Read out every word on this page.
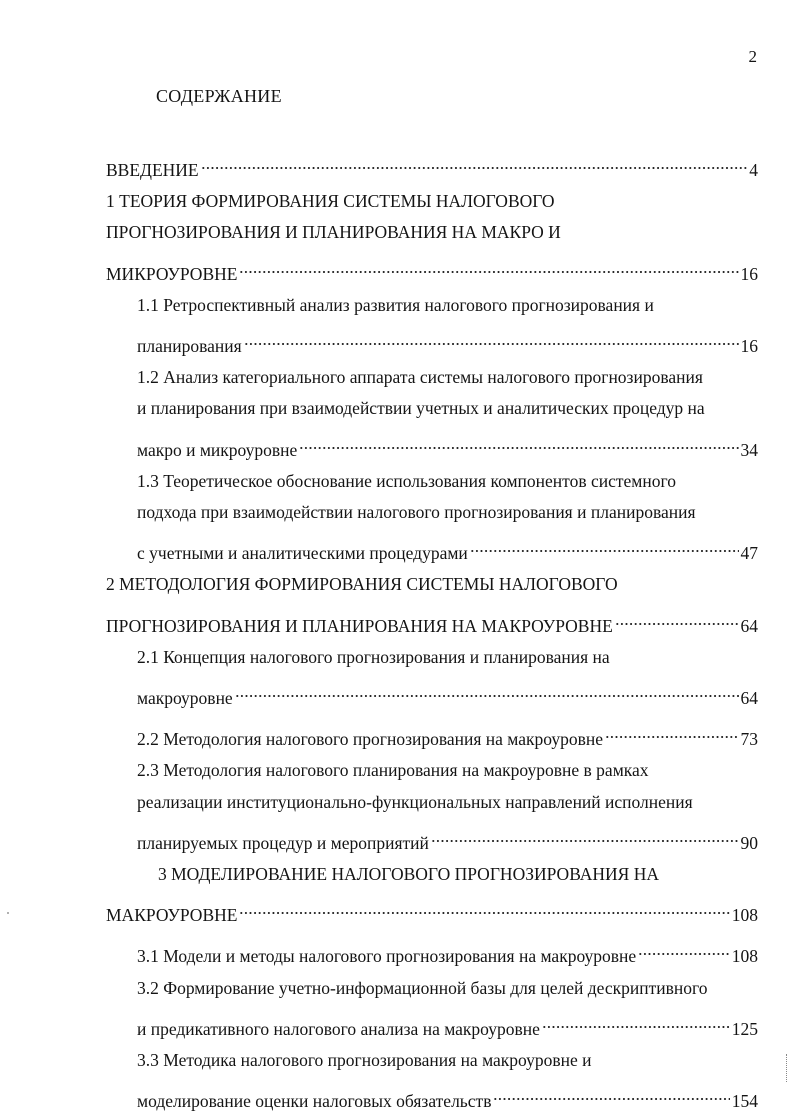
2
СОДЕРЖАНИЕ
ВВЕДЕНИЕ	4
1 ТЕОРИЯ ФОРМИРОВАНИЯ СИСТЕМЫ НАЛОГОВОГО
ПРОГНОЗИРОВАНИЯ И ПЛАНИРОВАНИЯ НА МАКРО И
МИКРОУРОВНЕ	16
1.1 Ретроспективный анализ развития налогового прогнозирования и
планирования	16
1.2 Анализ категориального аппарата системы налогового прогнозирования
и планирования при взаимодействии учетных и аналитических процедур на
макро и микроуровне	34
1.3 Теоретическое обоснование использования компонентов системного
подхода при взаимодействии налогового прогнозирования и планирования
с учетными и аналитическими процедурами	47
2 МЕТОДОЛОГИЯ ФОРМИРОВАНИЯ СИСТЕМЫ НАЛОГОВОГО
ПРОГНОЗИРОВАНИЯ И ПЛАНИРОВАНИЯ НА МАКРОУРОВНЕ	64
2.1 Концепция налогового прогнозирования и планирования на
макроуровне	64
2.2 Методология налогового прогнозирования на макроуровне	73
2.3 Методология налогового планирования на макроуровне в рамках
реализации институционально-функциональных направлений исполнения
планируемых процедур и мероприятий	90
3 МОДЕЛИРОВАНИЕ НАЛОГОВОГО ПРОГНОЗИРОВАНИЯ НА
МАКРОУРОВНЕ	108
3.1 Модели и методы налогового прогнозирования на макроуровне	108
3.2 Формирование учетно-информационной базы для целей дескриптивного
и предикативного налогового анализа на макроуровне	125
3.3 Методика налогового прогнозирования на макроуровне и
моделирование оценки налоговых обязательств	154
